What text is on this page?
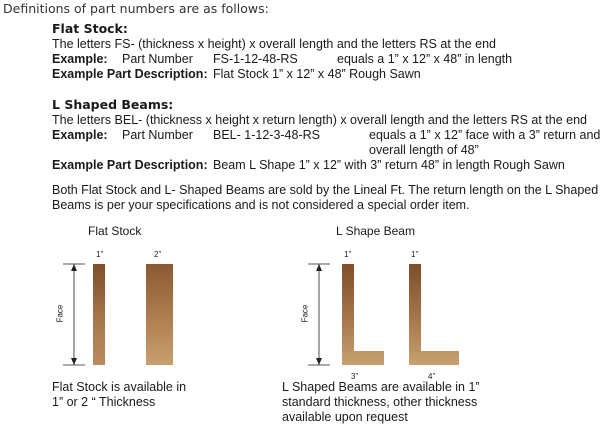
Definitions of part numbers are as follows:
Flat Stock:
The letters FS- (thickness x height) x overall length and the letters RS at the end
Example: Part Number FS-1-12-48-RS	equals a 1” x 12” x 48” in length
Example Part Description: Flat Stock 1” x 12” x 48” Rough Sawn
L Shaped Beams:
The letters BEL- (thickness x height x return length) x overall length and the letters RS at the end
Example: Part Number BEL- 1-12-3-48-RS	equals a 1” x 12” face with a 3” return and
overall length of 48”
Example Part Description: Beam L Shape 1” x 12” with 3” return 48” in length Rough Sawn
Both Flat Stock and L- Shaped Beams are sold by the Lineal Ft. The return length on the L Shaped
Beams is per your specifications and is not considered a special order item.
Flat Stock
1”	2”
Face
Flat Stock is available in
1” or 2 “ Thickness
L Shape Beam
1”	1”
Face
3”	4”
L Shaped Beams are available in 1”
standard thickness, other thickness
available upon request
